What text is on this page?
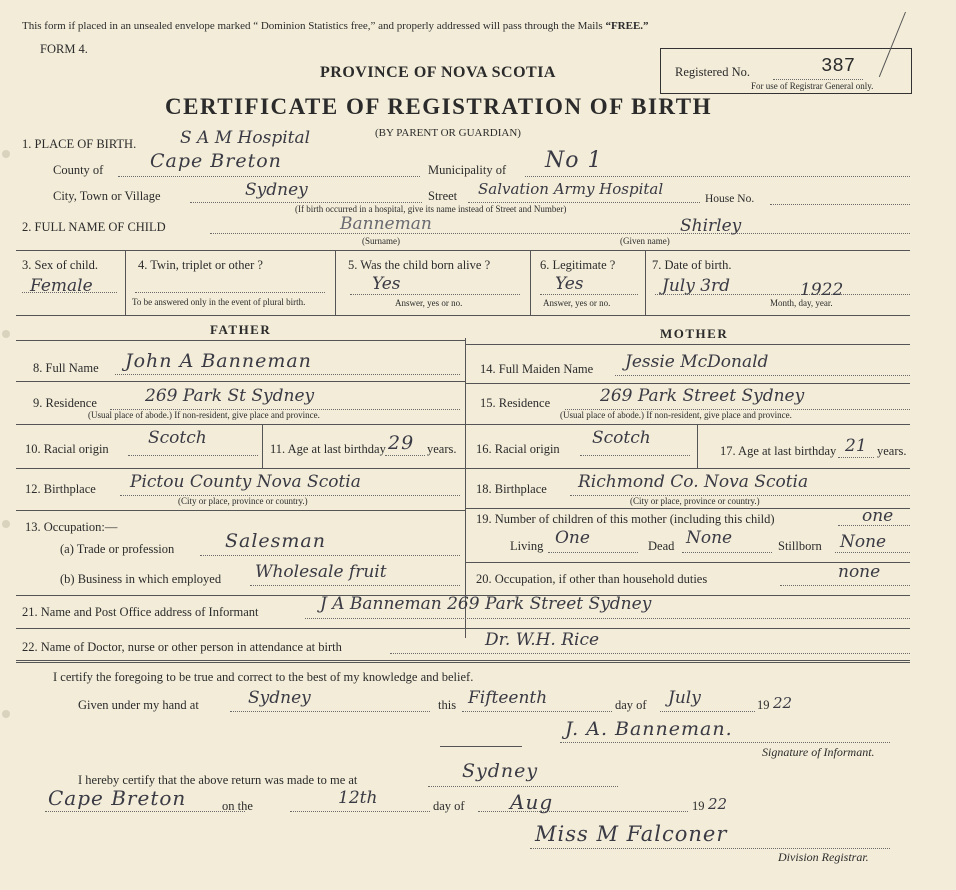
This form if placed in an unsealed envelope marked “ Dominion Statistics free,” and properly addressed will pass through the Mails “FREE.”
FORM 4.
PROVINCE OF NOVA SCOTIA
CERTIFICATE OF REGISTRATION OF BIRTH
Registered No.	387
For use of Registrar General only.
1. PLACE OF BIRTH.	S A M Hospital	(BY PARENT OR GUARDIAN)
County of Cape Breton	Municipality of No 1
City, Town or Village	Sydney	Street Salvation Army Hospital
House No.
(If birth occurred in a hospital, give its name instead of Street and Number)
2. FULL NAME OF CHILD	Banneman	Shirley
(Surname)	(Given name)
3. Sex of child.
Female
4. Twin, triplet or other ?
To be answered only in the event of plural birth.
5. Was the child born alive ?
Yes
Answer, yes or no.
6. Legitimate ?
Yes
Answer, yes or no.
7. Date of birth.
July 3rd	1922
Month, day, year.
FATHER	MOTHER
8. Full Name John A Banneman
9. Residence	269 Park St Sydney
(Usual place of abode.) If non-resident, give place and province.
10. Racial origin
Scotch
11. Age at last birthday 29 years.
12. Birthplace Pictou County Nova Scotia
(City or place, province or country.)
13. Occupation:—
(a) Trade or profession	Salesman
(b) Business in which employed Wholesale fruit
14. Full Maiden Name Jessie McDonald
15. Residence	269 Park Street Sydney
(Usual place of abode.) If non-resident, give place and province.
16. Racial origin
Scotch
17. Age at last birthday 21 years.
18. Birthplace Richmond Co. Nova Scotia
(City or place, province or country.)
19. Number of children of this mother (including this child)	one
Living One	Dead None	Stillborn None
20. Occupation, if other than household duties	none
21. Name and Post Office address of Informant	J A Banneman 269 Park Street Sydney
22. Name of Doctor, nurse or other person in attendance at birth	Dr. W.H. Rice
I certify the foregoing to be true and correct to the best of my knowledge and belief.
Given under my hand at	Sydney	this Fifteenth	day of July	19 22
J. A. Banneman.
Signature of Informant.
I hereby certify that the above return was made to me at	Sydney
Cape Breton	on the	12th	day of Aug	19 22
Miss M Falconer
Division Registrar.
